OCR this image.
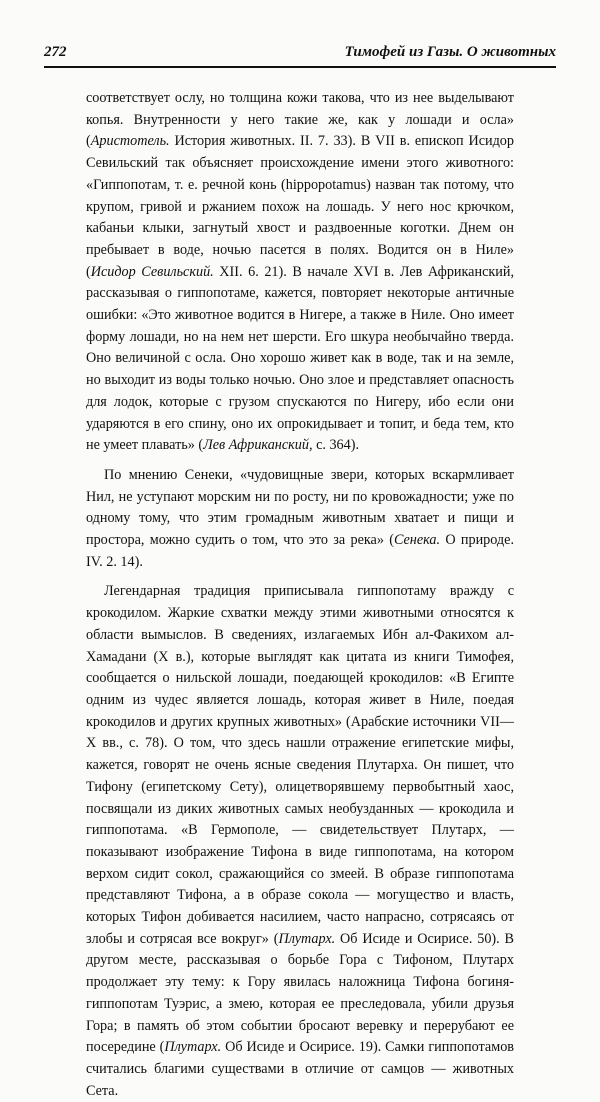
272	Тимофей из Газы. О животных

соответствует ослу, но толщина кожи такова, что из нее выделывают копья. Внутренности у него такие же, как у лошади и осла» (Аристотель. История животных. II. 7. 33). В VII в. епископ Исидор Севильский так объясняет происхождение имени этого животного: «Гиппопотам, т. е. речной конь (hippopotamus) назван так потому, что крупом, гривой и ржанием похож на лошадь. У него нос крючком, кабаньи клыки, загнутый хвост и раздвоенные коготки. Днем он пребывает в воде, ночью пасется в полях. Водится он в Ниле» (Исидор Севильский. XII. 6. 21). В начале XVI в. Лев Африканский, рассказывая о гиппопотаме, кажется, повторяет некоторые античные ошибки: «Это животное водится в Нигере, а также в Ниле. Оно имеет форму лошади, но на нем нет шерсти. Его шкура необычайно тверда. Оно величиной с осла. Оно хорошо живет как в воде, так и на земле, но выходит из воды только ночью. Оно злое и представляет опасность для лодок, которые с грузом спускаются по Нигеру, ибо если они ударяются в его спину, оно их опрокидывает и топит, и беда тем, кто не умеет плавать» (Лев Африканский, с. 364).

По мнению Сенеки, «чудовищные звери, которых вскармливает Нил, не уступают морским ни по росту, ни по кровожадности; уже по одному тому, что этим громадным животным хватает и пищи и простора, можно судить о том, что это за река» (Сенека. О природе. IV. 2. 14).

Легендарная традиция приписывала гиппопотаму вражду с крокодилом. Жаркие схватки между этими животными относятся к области вымыслов. В сведениях, излагаемых Ибн ал-Факихом ал-Хамадани (X в.), которые выглядят как цитата из книги Тимофея, сообщается о нильской лошади, поедающей крокодилов: «В Египте одним из чудес является лошадь, которая живет в Ниле, поедая крокодилов и других крупных животных» (Арабские источники VII—X вв., с. 78). О том, что здесь нашли отражение египетские мифы, кажется, говорят не очень ясные сведения Плутарха. Он пишет, что Тифону (египетскому Сету), олицетворявшему первобытный хаос, посвящали из диких животных самых необузданных — крокодила и гиппопотама. «В Гермополе, — свидетельствует Плутарх, — показывают изображение Тифона в виде гиппопотама, на котором верхом сидит сокол, сражающийся со змеей. В образе гиппопотама представляют Тифона, а в образе сокола — могущество и власть, которых Тифон добивается насилием, часто напрасно, сотрясаясь от злобы и сотрясая все вокруг» (Плутарх. Об Исиде и Осирисе. 50). В другом месте, рассказывая о борьбе Гора с Тифоном, Плутарх продолжает эту тему: к Гору явилась наложница Тифона богиня-гиппопотам Туэрис, а змею, которая ее преследовала, убили друзья Гора; в память об этом событии бросают веревку и перерубают ее посередине (Плутарх. Об Исиде и Осирисе. 19). Самки гиппопотамов считались благими существами в отличие от самцов — животных Сета.
